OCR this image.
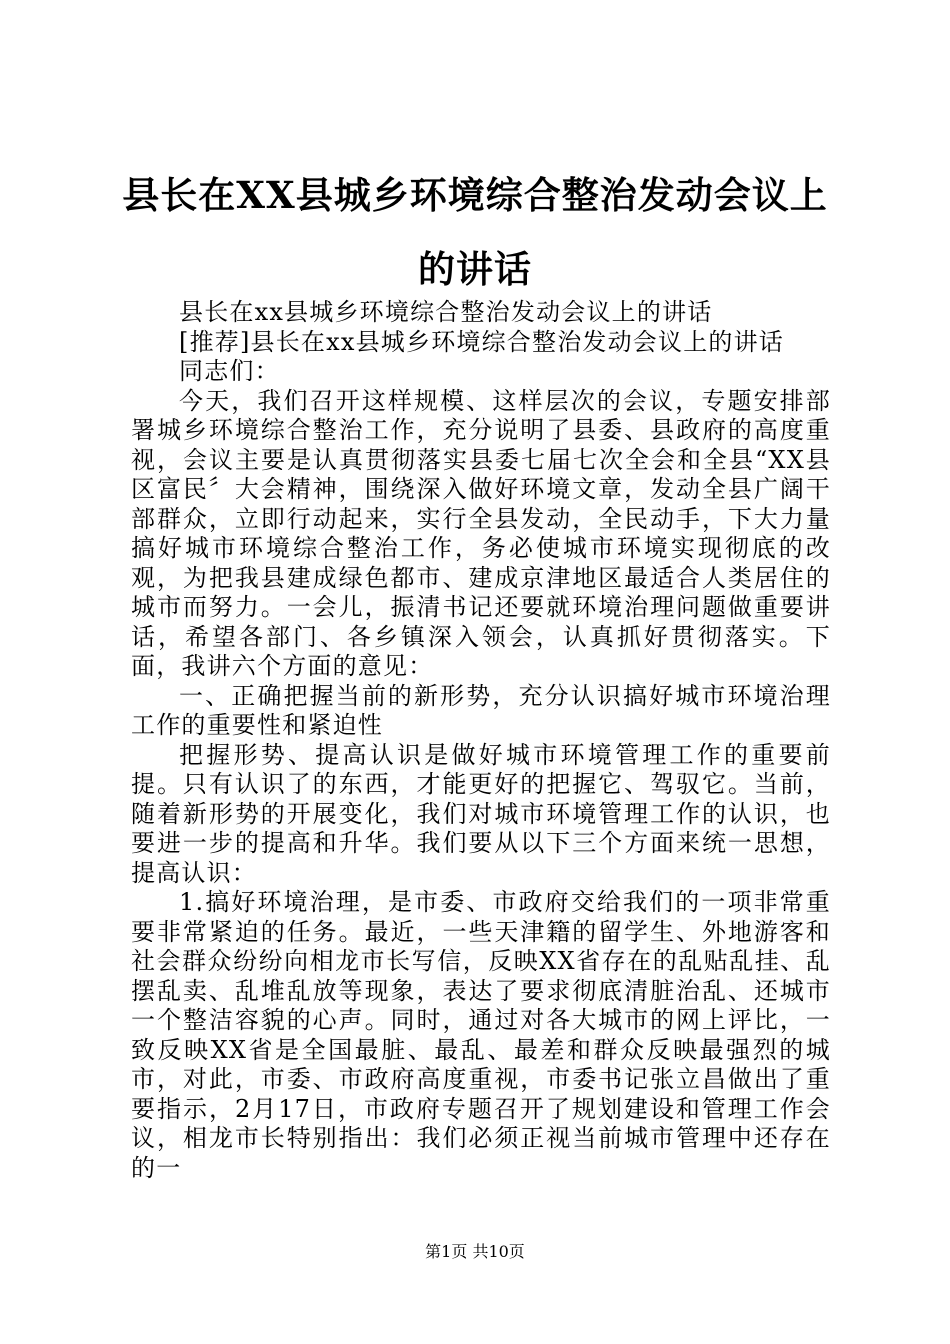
县长在XX县城乡环境综合整治发动会议上的讲话

县长在xx县城乡环境综合整治发动会议上的讲话

[推荐]县长在xx县城乡环境综合整治发动会议上的讲话

同志们：

今天，我们召开这样规模、这样层次的会议，专题安排部署城乡环境综合整治工作，充分说明了县委、县政府的高度重视，会议主要是认真贯彻落实县委七届七次全会和全县“XX县区富民〞大会精神，围绕深入做好环境文章，发动全县广阔干部群众，立即行动起来，实行全县发动，全民动手，下大力量搞好城市环境综合整治工作，务必使城市环境实现彻底的改观，为把我县建成绿色都市、建成京津地区最适合人类居住的城市而努力。一会儿，振清书记还要就环境治理问题做重要讲话，希望各部门、各乡镇深入领会，认真抓好贯彻落实。下面，我讲六个方面的意见：

一、正确把握当前的新形势，充分认识搞好城市环境治理工作的重要性和紧迫性

把握形势、提高认识是做好城市环境管理工作的重要前提。只有认识了的东西，才能更好的把握它、驾驭它。当前，随着新形势的开展变化，我们对城市环境管理工作的认识，也要进一步的提高和升华。我们要从以下三个方面来统一思想，提高认识：

1.搞好环境治理，是市委、市政府交给我们的一项非常重要非常紧迫的任务。最近，一些天津籍的留学生、外地游客和社会群众纷纷向相龙市长写信，反映XX省存在的乱贴乱挂、乱摆乱卖、乱堆乱放等现象，表达了要求彻底清脏治乱、还城市一个整洁容貌的心声。同时，通过对各大城市的网上评比，一致反映XX省是全国最脏、最乱、最差和群众反映最强烈的城市，对此，市委、市政府高度重视，市委书记张立昌做出了重要指示，2月17日，市政府专题召开了规划建设和管理工作会议，相龙市长特别指出：我们必须正视当前城市管理中还存在的一

第1页 共10页
